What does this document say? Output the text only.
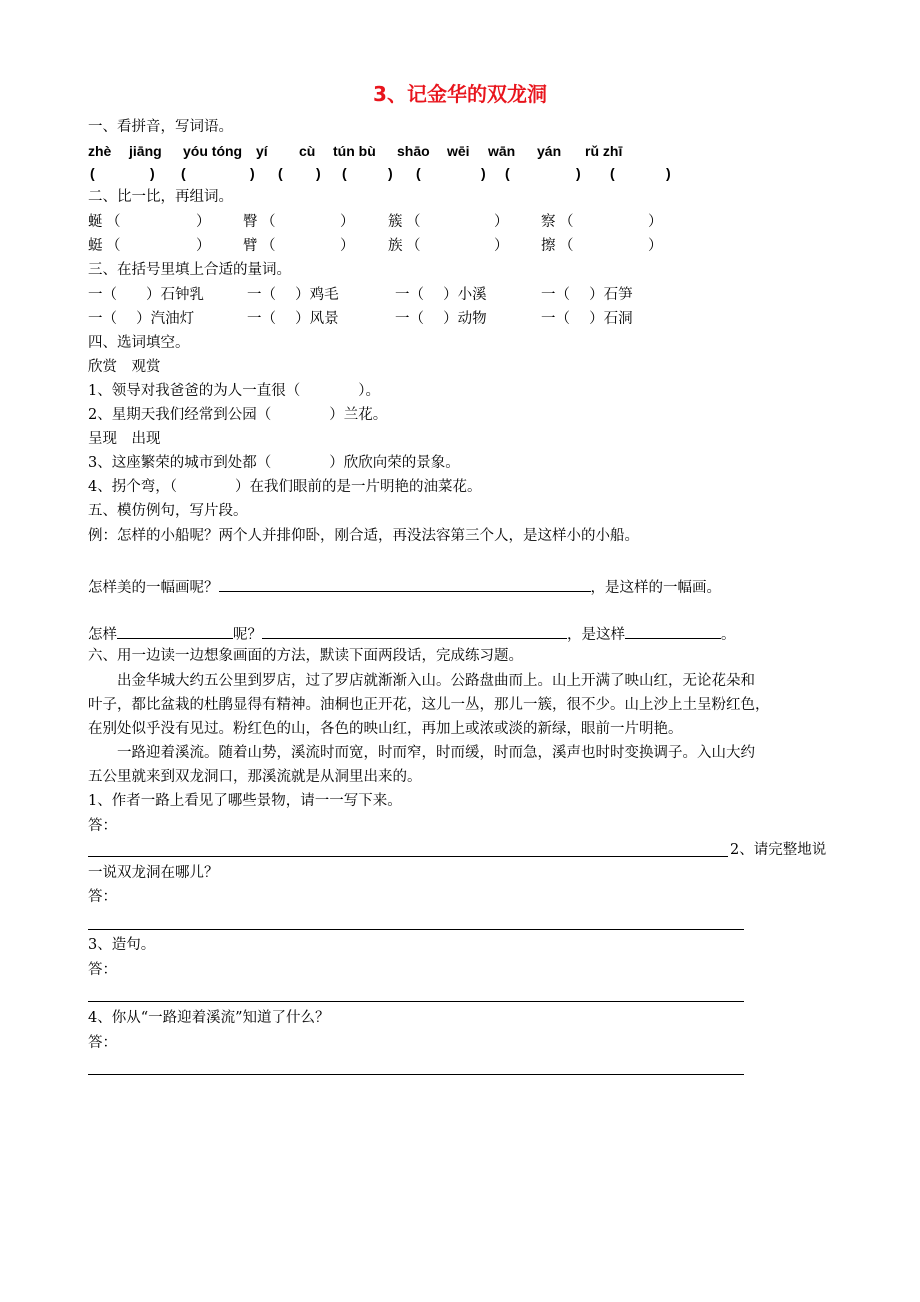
3、记金华的双龙洞
一、看拼音，写词语。
zhè jiāng yóu tóng yí cù tún bù shāo wēi wān yán rǔ zhī
(	) (	) ( ) (	) (	) (	) (	)
二、比一比，再组词。
蜒 （	） 臀 （	） 簇 （	） 察 （	）
蜓 （	） 臂 （	） 族 （	） 擦 （	）
三、在括号里填上合适的量词。
一（　　）石钟乳	一（　 ）鸡毛	一（　 ）小溪	一（　 ）石笋
一（　 ）汽油灯	一（　 ）风景	一（　 ）动物	一（　 ）石洞
四、选词填空。
欣赏　观赏
1、领导对我爸爸的为人一直很（　　　　	）。
2、星期天我们经常到公园（　　　　	）兰花。
呈现　出现
3、这座繁荣的城市到处都（　　　　	）欣欣向荣的景象。
4、拐个弯，（　　　　	）在我们眼前的是一片明艳的油菜花。
五、模仿例句，写片段。
例：怎样的小船呢？两个人并排仰卧，刚合适，再没法容第三个人，是这样小的小船。
怎样美的一幅画呢？	，是这样的一幅画。
怎样	呢？	，是这样	。
六、用一边读一边想象画面的方法，默读下面两段话，完成练习题。
出金华城大约五公里到罗店，过了罗店就渐渐入山。公路盘曲而上。山上开满了映山红，无论花朵和
叶子，都比盆栽的杜鹃显得有精神。油桐也正开花，这儿一丛，那儿一簇，很不少。山上沙上土呈粉红色，
在别处似乎没有见过。粉红色的山，各色的映山红，再加上或浓或淡的新绿，眼前一片明艳。
一路迎着溪流。随着山势，溪流时而宽，时而窄，时而缓，时而急，溪声也时时变换调子。入山大约
五公里就来到双龙洞口，那溪流就是从洞里出来的。
1、作者一路上看见了哪些景物，请一一写下来。
答：
2、请完整地说
一说双龙洞在哪儿？
答：
3、造句。
答：
4、你从“一路迎着溪流”知道了什么？
答：
